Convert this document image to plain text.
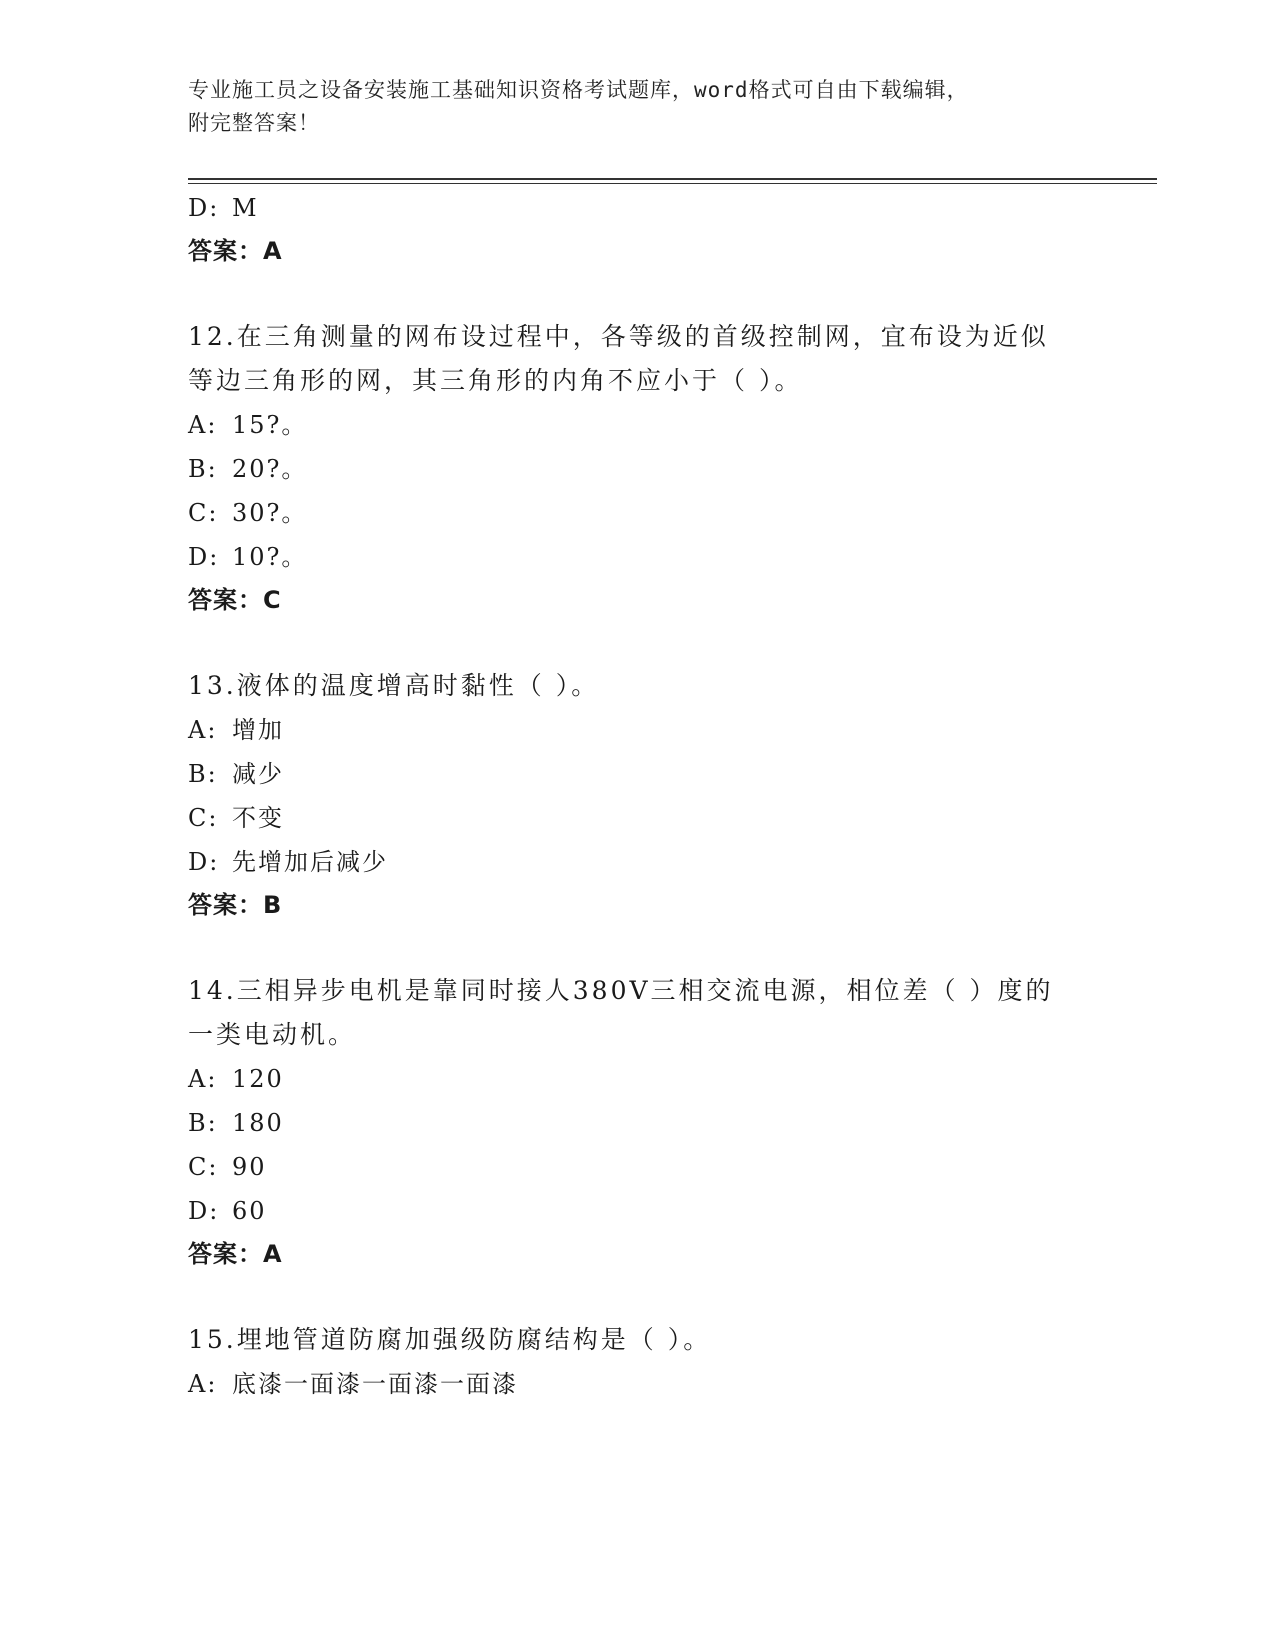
专业施工员之设备安装施工基础知识资格考试题库，word格式可自由下载编辑，
附完整答案！
D: M
答案：A
12.在三角测量的网布设过程中，各等级的首级控制网，宜布设为近似
等边三角形的网，其三角形的内角不应小于（ ）。
A: 15?。
B: 20?。
C: 30?。
D: 10?。
答案：C
13.液体的温度增高时黏性（ ）。
A: 增加
B: 减少
C: 不变
D: 先增加后减少
答案：B
14.三相异步电机是靠同时接人380V三相交流电源，相位差（ ）度的
一类电动机。
A: 120
B: 180
C: 90
D: 60
答案：A
15.埋地管道防腐加强级防腐结构是（ ）。
A: 底漆一面漆一面漆一面漆
